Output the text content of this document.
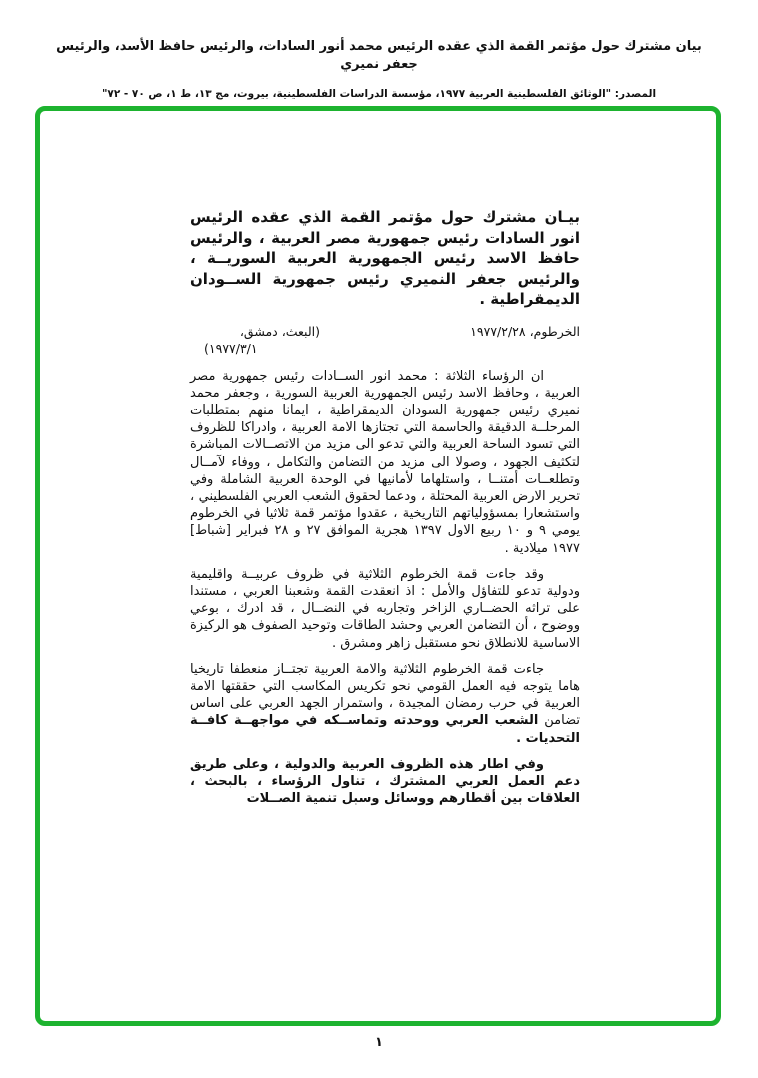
بيان مشترك حول مؤتمر القمة الذي عقده الرئيس محمد أنور السادات، والرئيس حافظ الأسد، والرئيس جعفر نميري
المصدر: "الوثائق الفلسطينية العربية ١٩٧٧، مؤسسة الدراسات الفلسطينية، بيروت، مج ١٣، ط ١، ص ٧٠ - ٧٢"
بيـان مشترك حول مؤتمر القمة الذي عقده الرئيس انور السادات رئيس جمهورية مصر العربية ، والرئيس حافظ الاسد رئيس الجمهورية العربية السوريــة ، والرئيس جعفر النميري رئيس جمهورية الســودان الديمقراطية .
الخرطوم، ١٩٧٧/٢/٢٨
(البعث، دمشق،
١٩٧٧/٣/١)

ان الرؤساء الثلاثة : محمد انور الســادات رئيس جمهورية مصر العربية ، وحافظ الاسد رئيس الجمهورية العربية السورية ، وجعفر محمد نميري رئيس جمهورية السودان الديمقراطية ، ايمانا منهم بمتطلبات المرحلــة الدقيقة والحاسمة التي تجتازها الامة العربية ، وادراكا للظروف التي تسود الساحة العربية والتي تدعو الى مزيد من الاتصــالات المباشرة لتكثيف الجهود ، وصولا الى مزيد من التضامن والتكامل ، ووفاء لآمــال وتطلعــات أمتنــا ، واستلهاما لأمانيها في الوحدة العربية الشاملة وفي تحرير الارض العربية المحتلة ، ودعما لحقوق الشعب العربي الفلسطيني ، واستشعارا بمسؤولياتهم التاريخية ، عقدوا مؤتمر قمة ثلاثيا في الخرطوم يومي ٩ و ١٠ ربيع الاول ١٣٩٧ هجرية الموافق ٢٧ و ٢٨ فبراير [شباط] ١٩٧٧ ميلادية .

وقد جاءت قمة الخرطوم الثلاثية في ظروف عربيــة واقليمية ودولية تدعو للتفاؤل والأمل : اذ انعقدت القمة وشعبنا العربي ، مستندا على تراثه الحضــاري الزاخر وتجاربه في النضــال ، قد ادرك ، بوعي ووضوح ، أن التضامن العربي وحشد الطاقات وتوحيد الصفوف هو الركيزة الاساسية للانطلاق نحو مستقبل زاهر ومشرق .

جاءت قمة الخرطوم الثلاثية والامة العربية تجتــاز منعطفا تاريخيا هاما يتوجه فيه العمل القومي نحو تكريس المكاسب التي حققتها الامة العربية في حرب رمضان المجيدة ، واستمرار الجهد العربي على اساس تضامن الشعب العربي ووحدته وتماســكه في مواجهــة كافــة التحديات .

وفي اطار هذه الظروف العربية والدولية ، وعلى طريق دعم العمل العربي المشترك ، تناول الرؤساء ، بالبحث ، العلاقات بين أقطارهم ووسائل وسبل تنمية الصــلات

١
